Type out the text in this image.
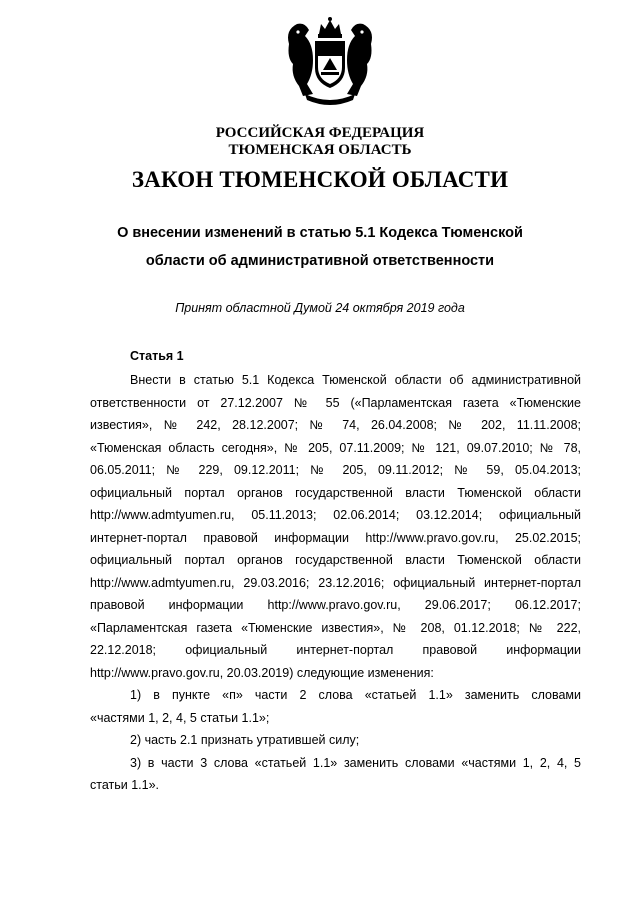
РОССИЙСКАЯ ФЕДЕРАЦИЯ
ТЮМЕНСКАЯ ОБЛАСТЬ
ЗАКОН ТЮМЕНСКОЙ ОБЛАСТИ
О внесении изменений в статью 5.1 Кодекса Тюменской
области об административной ответственности
Принят областной Думой 24 октября 2019 года
Статья 1
Внести в статью 5.1 Кодекса Тюменской области об административной
ответственности от 27.12.2007 № 55 («Парламентская газета «Тюменские
известия», № 242, 28.12.2007; № 74, 26.04.2008; № 202, 11.11.2008;
«Тюменская область сегодня», № 205, 07.11.2009; № 121, 09.07.2010; № 78,
06.05.2011; № 229, 09.12.2011; № 205, 09.11.2012; № 59, 05.04.2013;
официальный портал органов государственной власти Тюменской области
http://www.admtyumen.ru, 05.11.2013; 02.06.2014; 03.12.2014; официальный
интернет-портал правовой информации http://www.pravo.gov.ru, 25.02.2015;
официальный портал органов государственной власти Тюменской области
http://www.admtyumen.ru, 29.03.2016; 23.12.2016; официальный интернет-портал
правовой информации http://www.pravo.gov.ru, 29.06.2017; 06.12.2017;
«Парламентская газета «Тюменские известия», № 208, 01.12.2018; № 222,
22.12.2018; официальный интернет-портал правовой информации
http://www.pravo.gov.ru, 20.03.2019) следующие изменения:
1) в пункте «п» части 2 слова «статьей 1.1» заменить словами
«частями 1, 2, 4, 5 статьи 1.1»;
2) часть 2.1 признать утратившей силу;
3) в части 3 слова «статьей 1.1» заменить словами «частями 1, 2, 4, 5
статьи 1.1».
